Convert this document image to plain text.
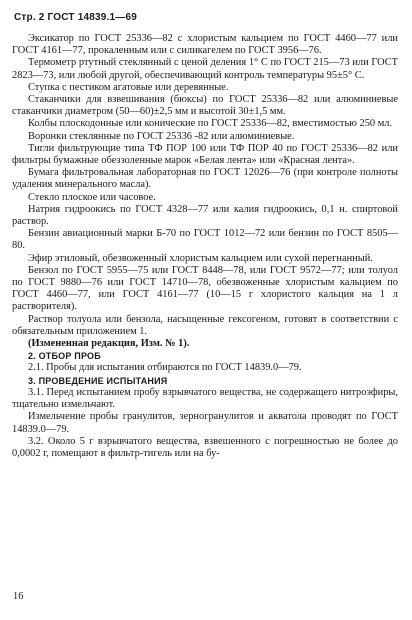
Стр. 2 ГОСТ 14839.1—69

Эксикатор по ГОСТ 25336—82 с хлористым кальцием по ГОСТ 4460—77 или ГОСТ 4161—77, прокаленным или с силикагелем по ГОСТ 3956—76.

Термометр ртутный стеклянный с ценой деления 1° С по ГОСТ 215—73 или ГОСТ 2823—73, или любой другой, обеспечивающий контроль температуры 95±5° С.

Ступка с пестиком агатовые или деревянные.

Стаканчики для взвешивания (бюксы) по ГОСТ 25336—82 или алюминиевые стаканчики диаметром (50—60)±2,5 мм и высотой 30±1,5 мм.

Колбы плоскодонные или конические по ГОСТ 25336—82, вместимостью 250 мл.

Воронки стеклянные по ГОСТ 25336 -82 или алюминиевые.

Тигли фильтрующие типа ТФ ПОР 100 или ТФ ПОР 40 по ГОСТ 25336—82 или фильтры бумажные обеззоленные марок «Белая лента» или «Красная лента».

Бумага фильтровальная лабораторная по ГОСТ 12026—76 (при контроле полноты удаления минерального масла).

Стекло плоское или часовое.

Натрия гидроокись по ГОСТ 4328—77 или калия гидроокись, 0,1 н. спиртовой раствор.

Бензин авиационный марки Б-70 по ГОСТ 1012—72 или бензин по ГОСТ 8505—80.

Эфир этиловый, обезвоженный хлористым кальцием или сухой перегнанный.

Бензол по ГОСТ 5955—75 или ГОСТ 8448—78, или ГОСТ 9572—77; или толуол по ГОСТ 9880—76 или ГОСТ 14710—78, обезвоженные хлористым кальцием по ГОСТ 4460—77, или ГОСТ 4161—77 (10—15 г хлористого кальция на 1 л растворителя).

Раствор толуола или бензола, насыщенные гексогеном, готовят в соответствии с обязательным приложением 1.

(Измененная редакция, Изм. № 1).

2. ОТБОР ПРОБ

2.1. Пробы для испытания отбираются по ГОСТ 14839.0—79.

3. ПРОВЕДЕНИЕ ИСПЫТАНИЯ

3.1. Перед испытанием пробу взрывчатого вещества, не содержащего нитроэфиры, тщательно измельчают.

Измельчение пробы гранулитов, зерногранулитов и акватола проводят по ГОСТ 14839.0—79.

3.2. Около 5 г взрывчатого вещества, взвешенного с погрешностью не более до 0,0002 г, помещают в фильтр-тигель или на бу-

16
